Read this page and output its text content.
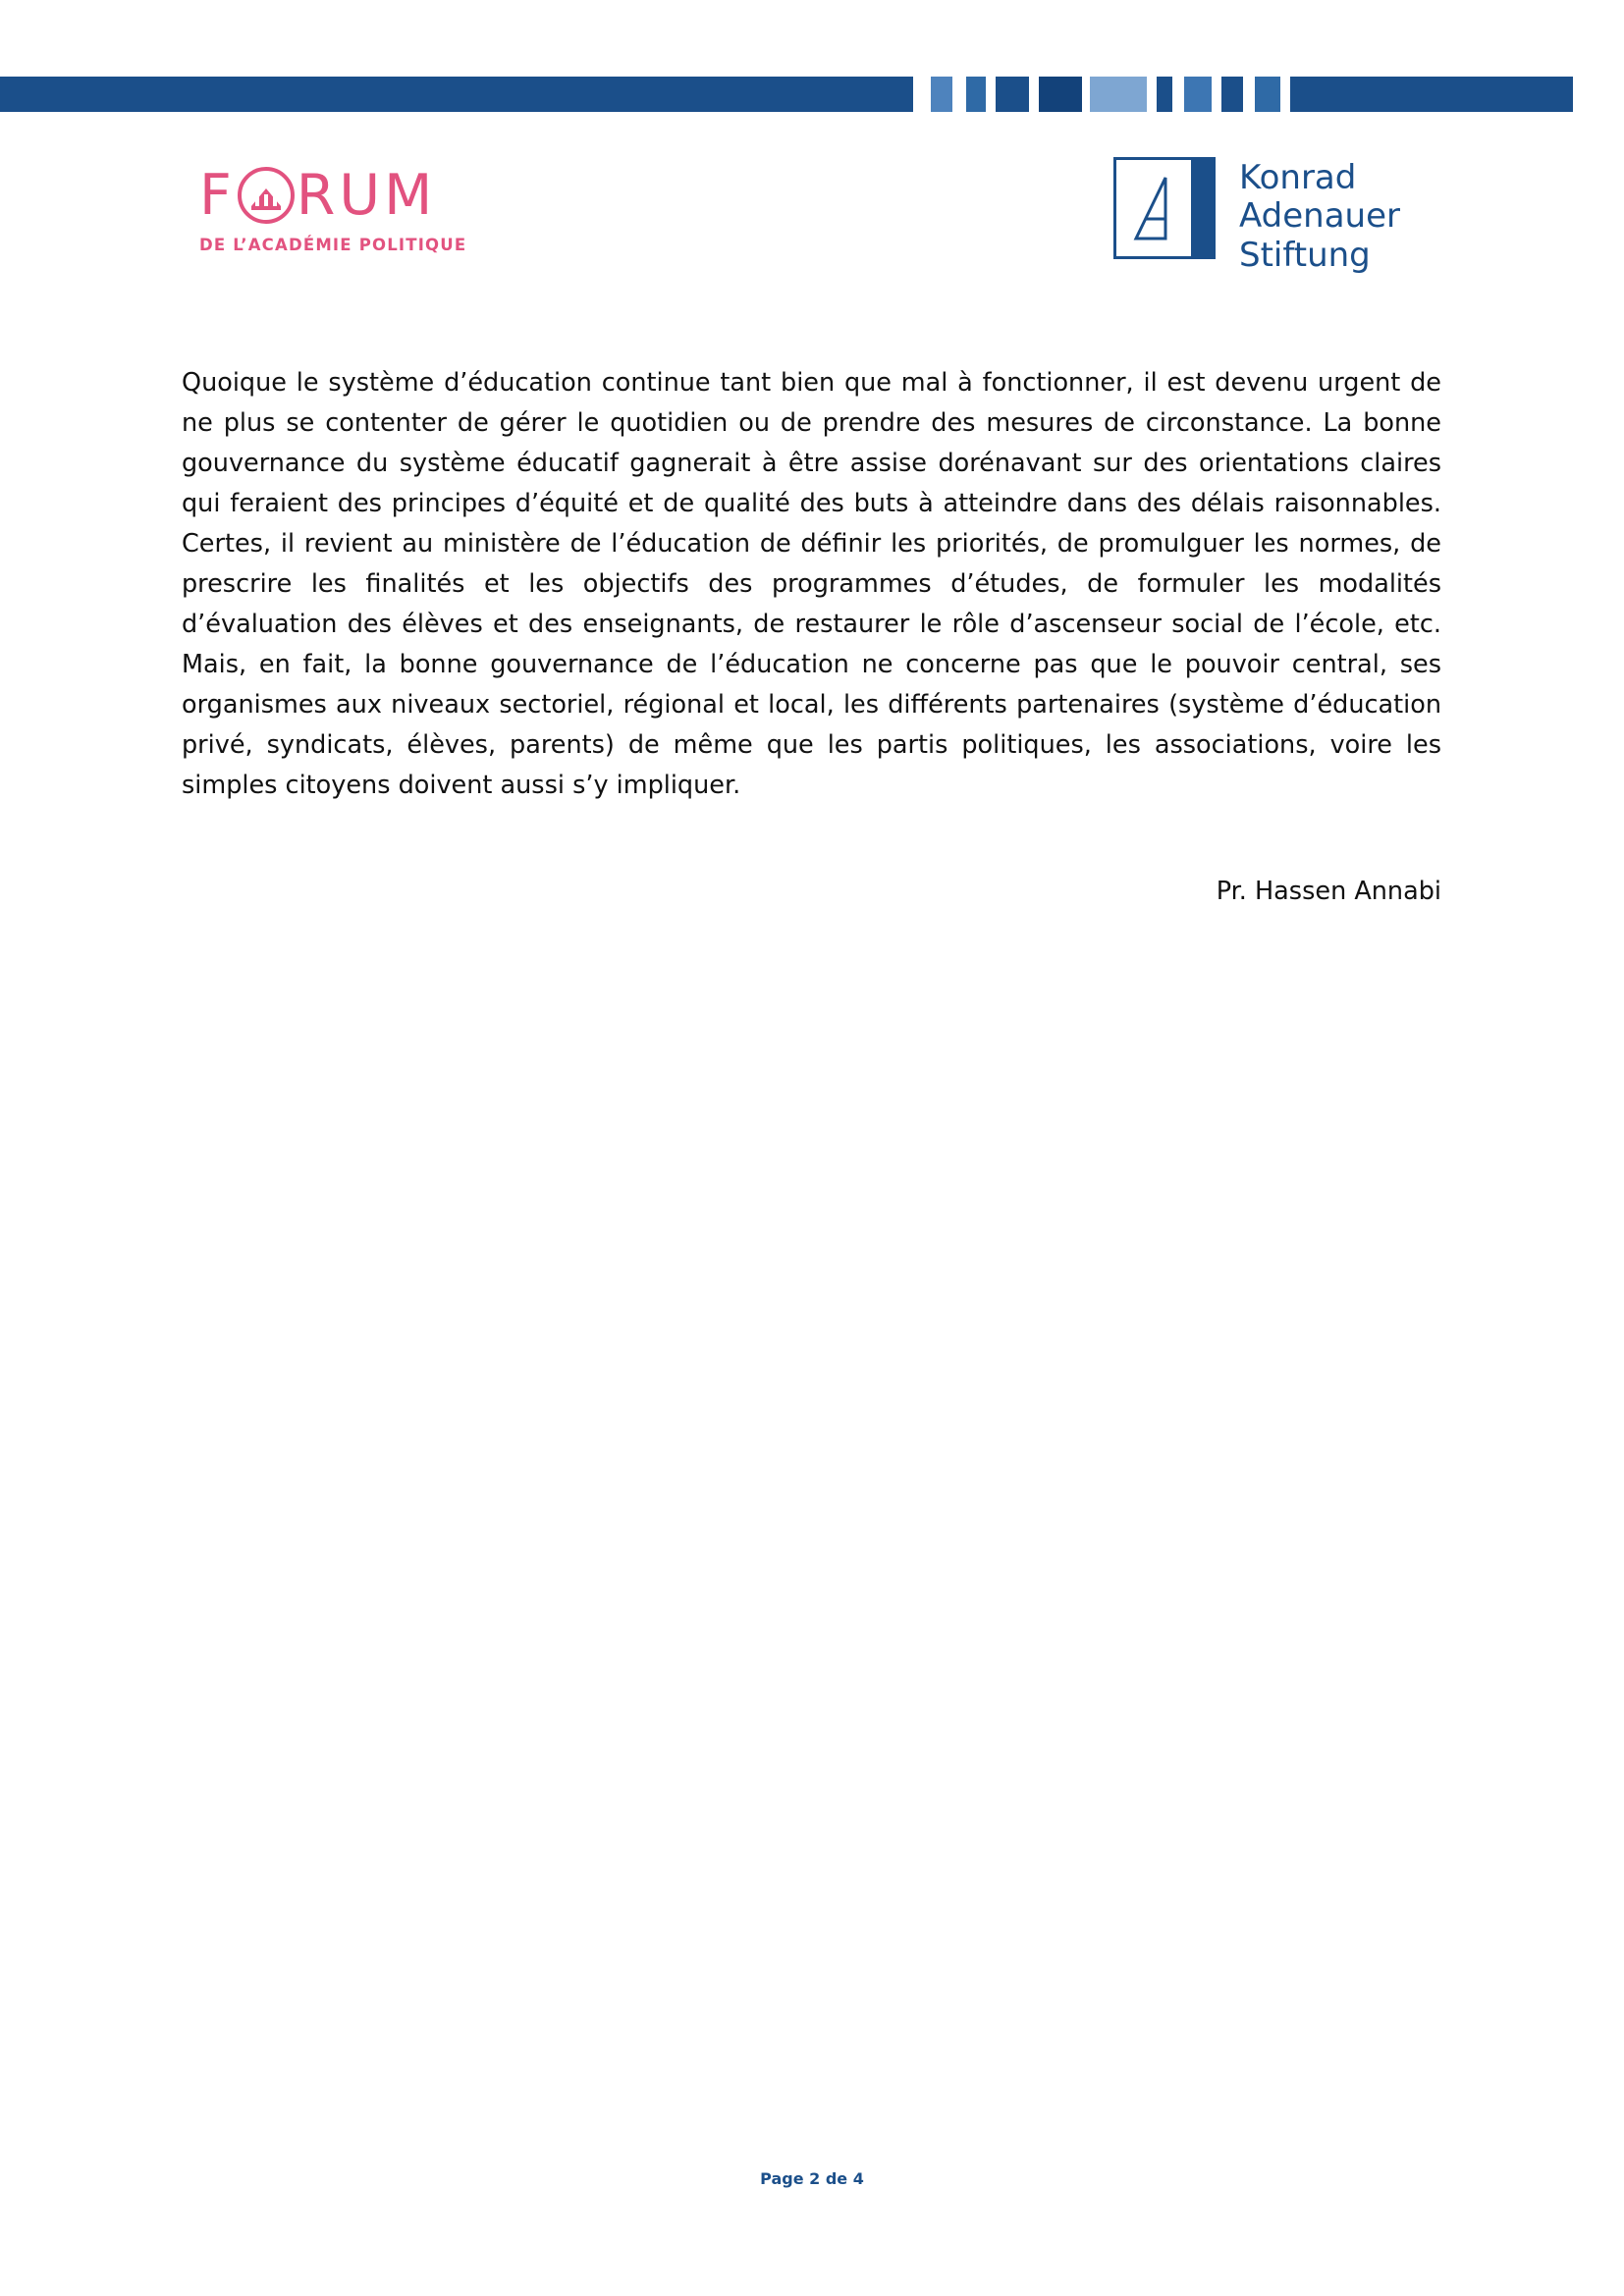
F RUM
DE L’ACADÉMIE POLITIQUE
Konrad
Adenauer
Stiftung
Quoique le système d’éducation continue tant bien que mal à fonctionner, il est devenu urgent de ne plus se contenter de gérer le quotidien ou de prendre des mesures de circonstance. La bonne gouvernance du système éducatif gagnerait à être assise dorénavant sur des orientations claires qui feraient des principes d’équité et de qualité des buts à atteindre dans des délais raisonnables. Certes, il revient au ministère de l’éducation de définir les priorités, de promulguer les normes, de prescrire les finalités et les objectifs des programmes d’études, de formuler les modalités d’évaluation des élèves et des enseignants, de restaurer le rôle d’ascenseur social de l’école, etc. Mais, en fait, la bonne gouvernance de l’éducation ne concerne pas que le pouvoir central, ses organismes aux niveaux sectoriel, régional et local, les différents partenaires (système d’éducation privé, syndicats, élèves, parents) de même que les partis politiques, les associations, voire les simples citoyens doivent aussi s’y impliquer.
Pr. Hassen Annabi
Page 2 de 4
